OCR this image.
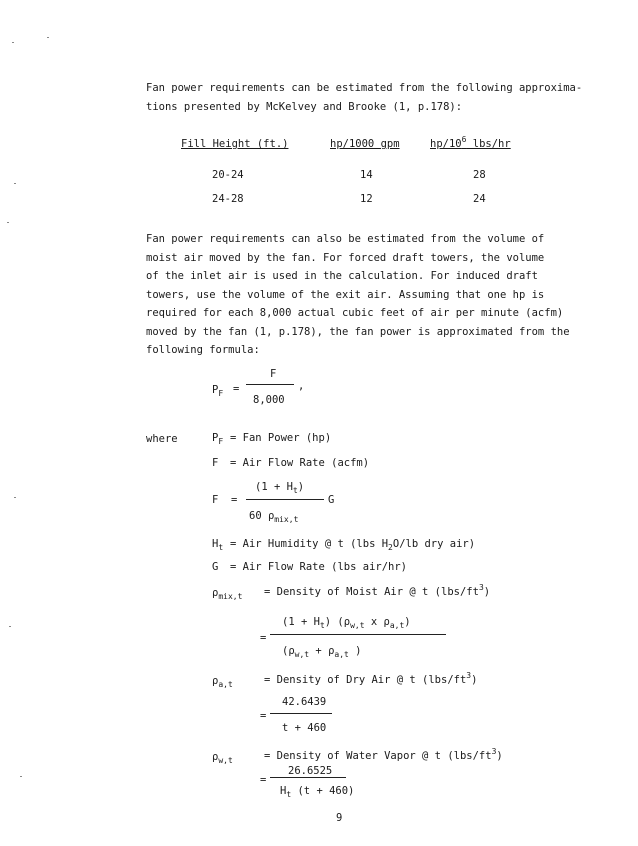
Fan power requirements can be estimated from the following approxima-
tions presented by McKelvey and Brooke (1, p.178):
Fill Height (ft.)	hp/1000 gpm	$hp/10^6$ lbs/hr
20-24	14	28
24-28	12	24
Fan power requirements can also be estimated from the volume of
moist air moved by the fan. For forced draft towers, the volume
of the inlet air is used in the calculation. For induced draft
towers, use the volume of the exit air. Assuming that one hp is
required for each 8,000 actual cubic feet of air per minute (acfm)
moved by the fan (1, p.178), the fan power is approximated from the
following formula:
$P_F$ =
F
8,000
,
where	$P_F$ = Fan Power (hp)
F = Air Flow Rate (acfm)
F =
$(1 + H_t)$
G
60 $\rho_{mix,t}$
$H_t$ = Air Humidity @ t (lbs $H_2O/lb$ dry air)
G = Air Flow Rate (lbs air/hr)
$\rho_{mix,t}$ = Density of Moist Air @ t $(lbs/ft^3)$
=
$(1 + H_t)$ ($\rho_{w,t}$ x $\rho_{a,t}$)
($\rho_{w,t} + \rho_{a,t}$ )
$\rho_{a,t}$	= Density of Dry Air @ t $(lbs/ft^3)$
=
42.6439
t + 460
$\rho_{w,t}$	= Density of Water Vapor @ t $(lbs/ft^3)$
=
26.6525
$H_t$ (t + 460)
9
